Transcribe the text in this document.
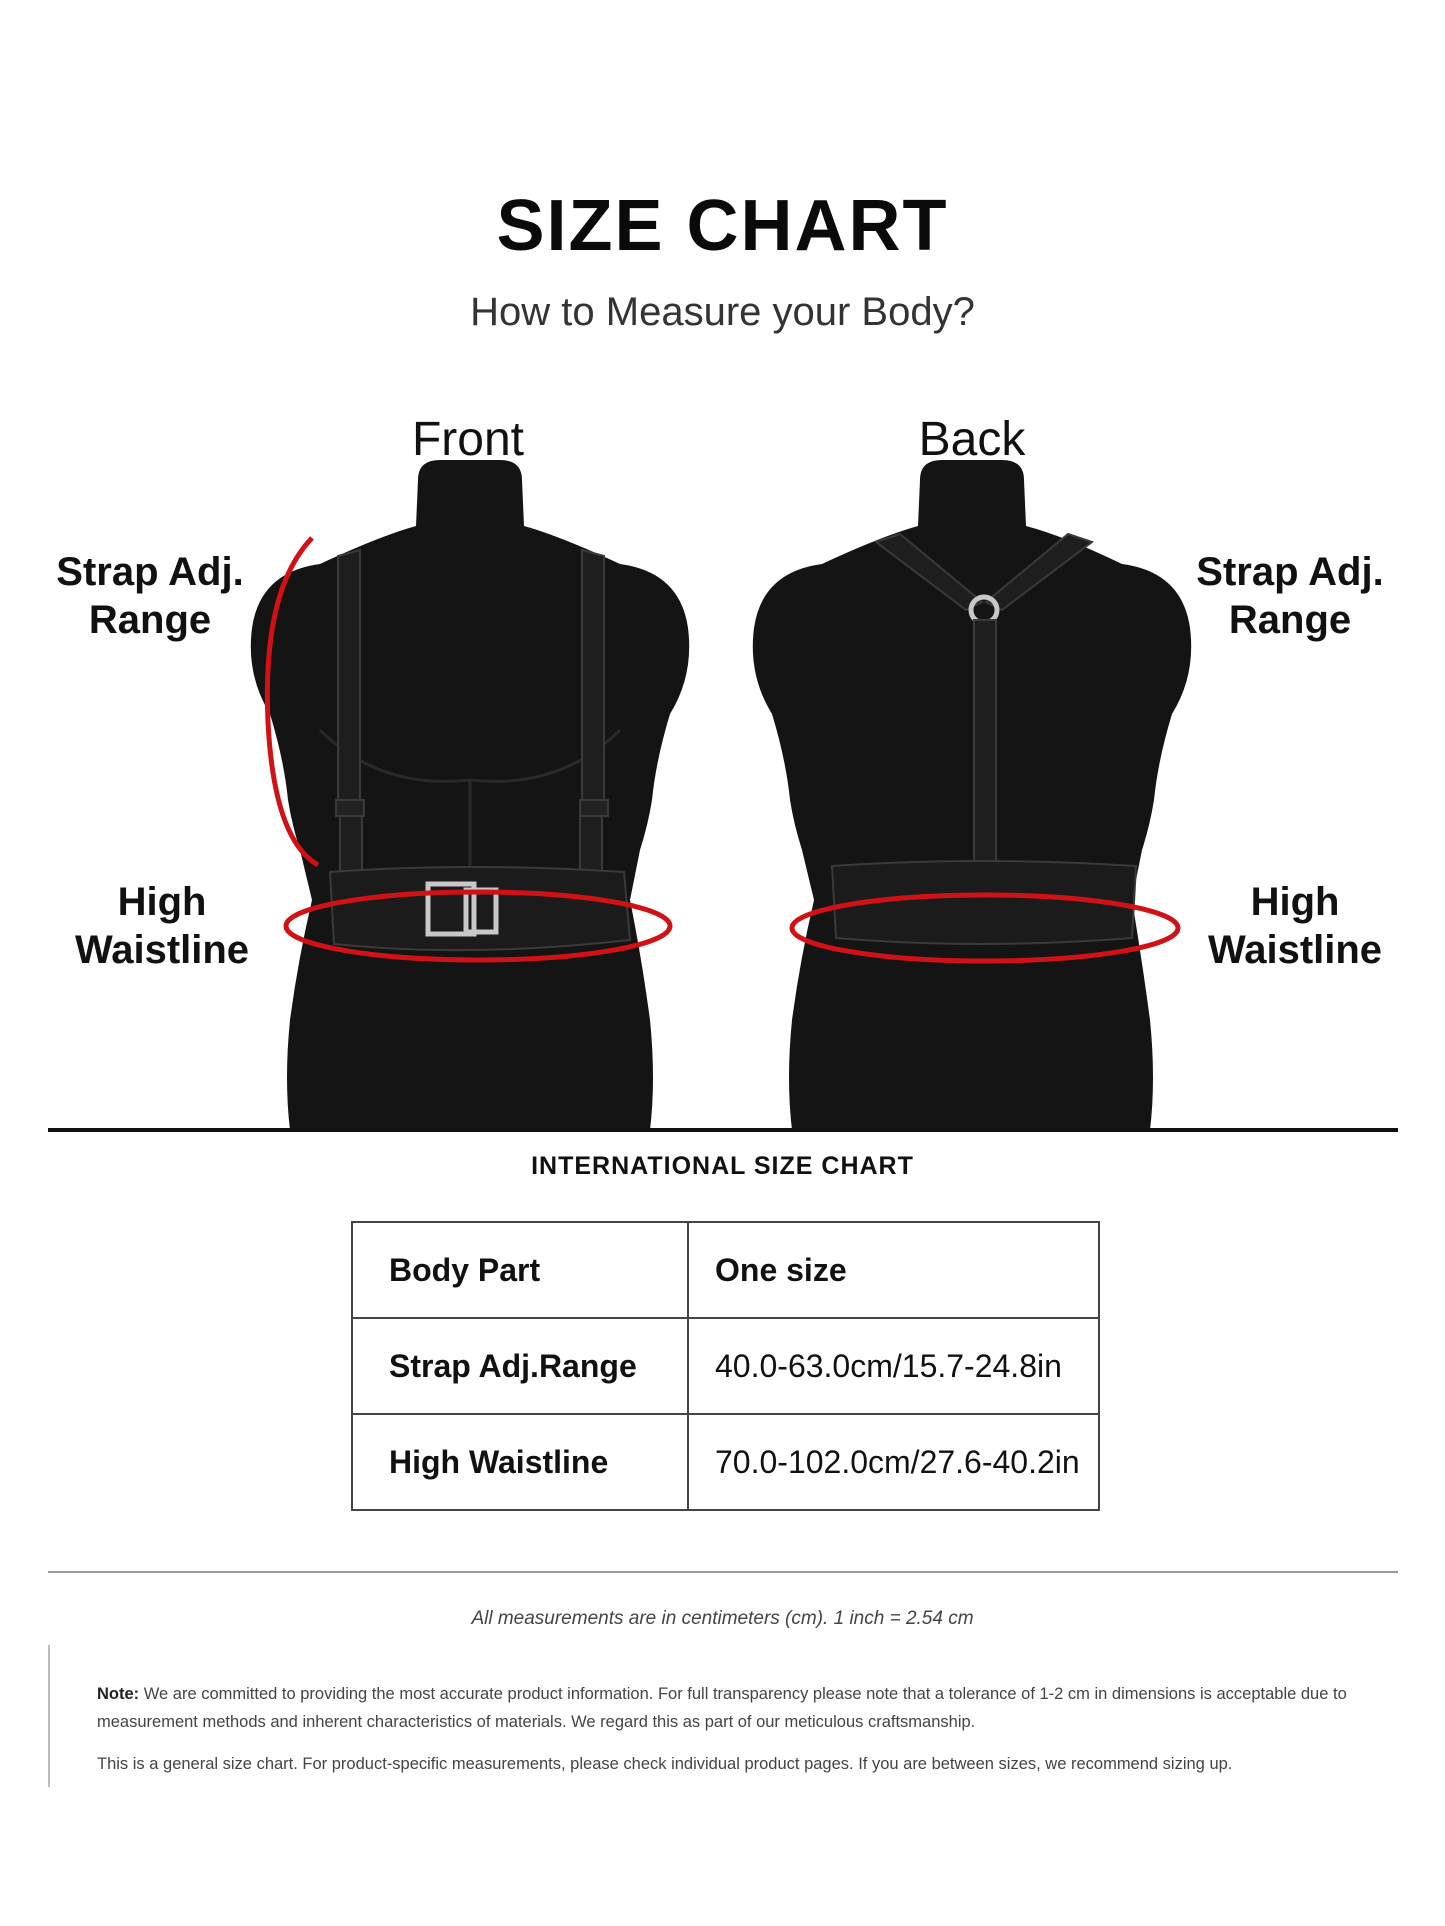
SIZE CHART
How to Measure your Body?
Front	Back
Strap Adj.
Range
Strap Adj.
Range
High
Waistline
High
Waistline
INTERNATIONAL SIZE CHART
Body Part	One size
Strap Adj.Range	40.0-63.0cm/15.7-24.8in
High Waistline	70.0-102.0cm/27.6-40.2in
All measurements are in centimeters (cm). 1 inch = 2.54 cm
Note: We are committed to providing the most accurate product information. For full transparency please note that a tolerance of 1-2 cm in dimensions is acceptable due to measurement methods and inherent characteristics of materials. We regard this as part of our meticulous craftsmanship.
This is a general size chart. For product-specific measurements, please check individual product pages. If you are between sizes, we recommend sizing up.
